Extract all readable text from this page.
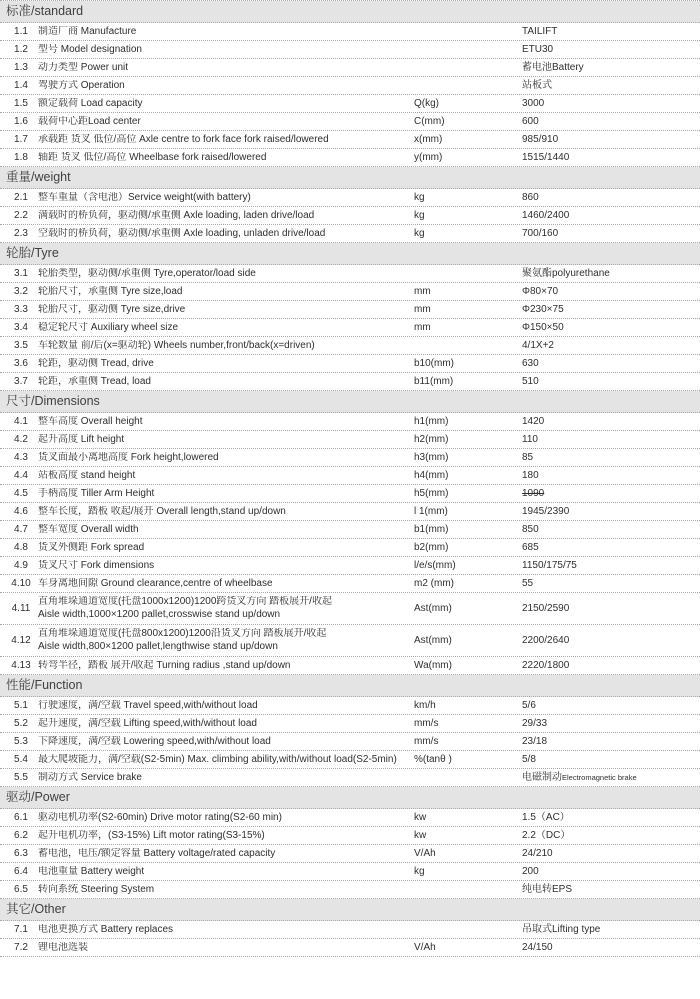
标准/standard
1.1	制造厂商 Manufacture	TAILIFT
1.2	型号 Model designation	ETU30
1.3	动力类型 Power unit	蓄电池Battery
1.4	驾驶方式 Operation	站板式
1.5	额定载荷 Load capacity	Q(kg)	3000
1.6	载荷中心距Load center	C(mm)	600
1.7	承载距 货叉 低位/高位 Axle centre to fork face fork raised/lowered	x(mm)	985/910
1.8	轴距 货叉 低位/高位 Wheelbase fork raised/lowered	y(mm)	1515/1440
重量/weight
2.1	整车重量（含电池）Service weight(with battery)	kg	860
2.2	满载时的桥负荷，驱动侧/承重侧 Axle loading, laden drive/load	kg	1460/2400
2.3	空载时的桥负荷，驱动侧/承重侧 Axle loading, unladen drive/load	kg	700/160
轮胎/Tyre
3.1	轮胎类型，驱动侧/承重侧 Tyre,operator/load side	聚氨酯polyurethane
3.2	轮胎尺寸，承重侧 Tyre size,load	mm	Φ80×70
3.3	轮胎尺寸，驱动侧 Tyre size,drive	mm	Φ230×75
3.4	稳定轮尺寸 Auxiliary wheel size	mm	Φ150×50
3.5	车轮数量 前/后(x=驱动轮) Wheels number,front/back(x=driven)	4/1X+2
3.6	轮距，驱动侧 Tread, drive	b10(mm)	630
3.7	轮距，承重侧 Tread, load	b11(mm)	510
尺寸/Dimensions
4.1	整车高度 Overall height	h1(mm)	1420
4.2	起升高度 Lift height	h2(mm)	110
4.3	货叉面最小离地高度 Fork height,lowered	h3(mm)	85
4.4	站板高度 stand height	h4(mm)	180
4.5	手柄高度 Tiller Arm Height	h5(mm)	1090
4.6	整车长度，踏板 收起/展开 Overall length,stand up/down	l 1(mm)	1945/2390
4.7	整车宽度 Overall width	b1(mm)	850
4.8	货叉外侧距 Fork spread	b2(mm)	685
4.9	货叉尺寸 Fork dimensions	l/e/s(mm)	1150/175/75
4.10 车身离地间隙 Ground clearance,centre of wheelbase	m2 (mm)	55
4.11
直角堆垛通道宽度(托盘1000x1200)1200跨货叉方向 踏板展开/收起
Aisle width,1000×1200 pallet,crosswise stand up/down
Ast(mm)	2150/2590
4.12
直角堆垛通道宽度(托盘800x1200)1200沿货叉方向 踏板展开/收起
Aisle width,800×1200 pallet,lengthwise stand up/down
Ast(mm)	2200/2640
4.13 转弯半径，踏板 展开/收起 Turning radius ,stand up/down	Wa(mm)	2220/1800
性能/Function
5.1	行驶速度，满/空载 Travel speed,with/without load	km/h	5/6
5.2	起升速度，满/空载 Lifting speed,with/without load	mm/s	29/33
5.3	下降速度，满/空载 Lowering speed,with/without load	mm/s	23/18
5.4	最大爬坡能力，满/空载(S2-5min) Max. climbing ability,with/without load(S2-5min)	%(tanθ )	5/8
5.5	制动方式 Service brake	电磁制动Electromagnetic brake
驱动/Power
6.1	驱动电机功率(S2-60min) Drive motor rating(S2-60 min)	kw	1.5（AC）
6.2	起升电机功率，(S3-15%) Lift motor rating(S3-15%)	kw	2.2（DC）
6.3	蓄电池，电压/额定容量 Battery voltage/rated capacity	V/Ah	24/210
6.4	电池重量 Battery weight	kg	200
6.5	转向系统 Steering System	纯电转EPS
其它/Other
7.1	电池更换方式 Battery replaces	吊取式Lifting type
7.2	锂电池选装	V/Ah	24/150
